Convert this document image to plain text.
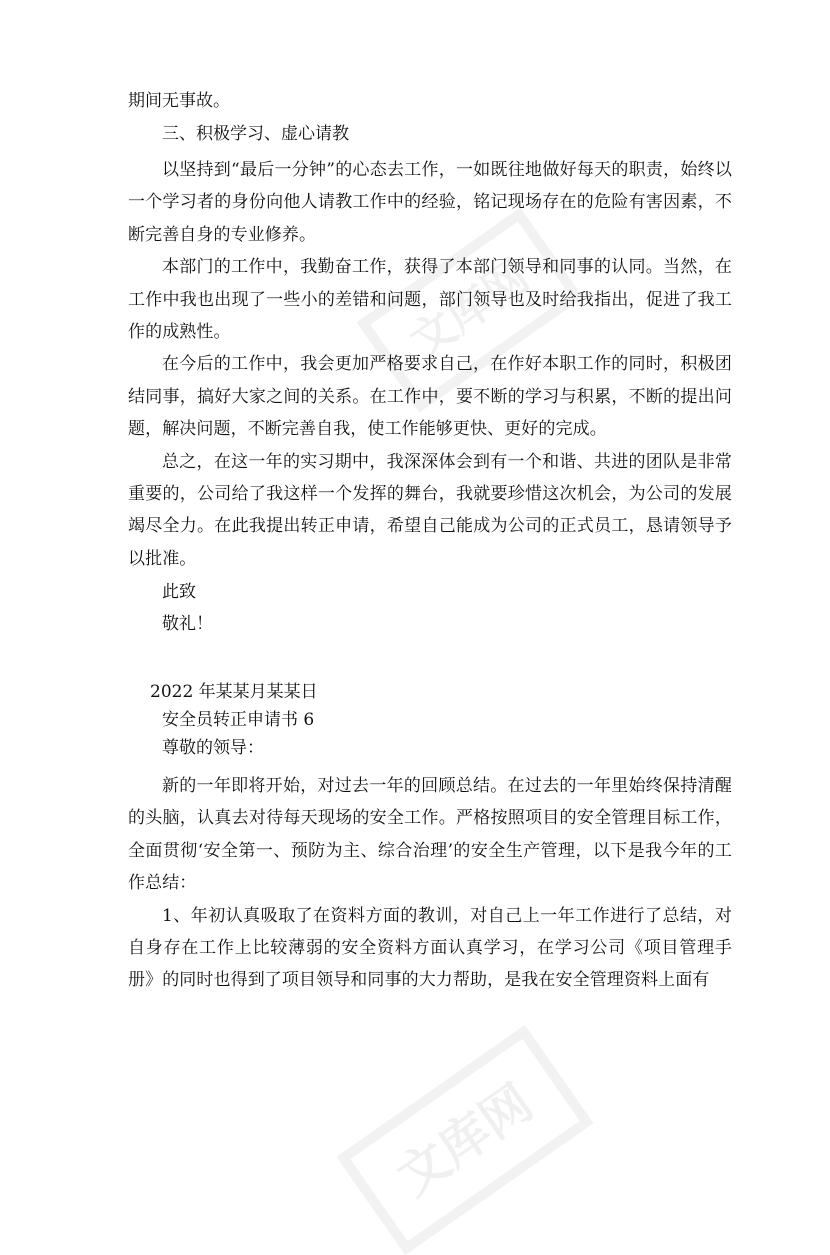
文库网
文库网

期间无事故。

三、积极学习、虚心请教

以坚持到“最后一分钟”的心态去工作，一如既往地做好每天的职责，始终以一个学习者的身份向他人请教工作中的经验，铭记现场存在的危险有害因素，不断完善自身的专业修养。

本部门的工作中，我勤奋工作，获得了本部门领导和同事的认同。当然，在工作中我也出现了一些小的差错和问题，部门领导也及时给我指出，促进了我工作的成熟性。

在今后的工作中，我会更加严格要求自己，在作好本职工作的同时，积极团结同事，搞好大家之间的关系。在工作中，要不断的学习与积累，不断的提出问题，解决问题，不断完善自我，使工作能够更快、更好的完成。

总之，在这一年的实习期中，我深深体会到有一个和谐、共进的团队是非常重要的，公司给了我这样一个发挥的舞台，我就要珍惜这次机会，为公司的发展竭尽全力。在此我提出转正申请，希望自己能成为公司的正式员工，恳请领导予以批准。

此致

敬礼！

2022 年某某月某某日

安全员转正申请书 6

尊敬的领导：

新的一年即将开始，对过去一年的回顾总结。在过去的一年里始终保持清醒的头脑，认真去对待每天现场的安全工作。严格按照项目的安全管理目标工作，全面贯彻‘安全第一、预防为主、综合治理’的安全生产管理，以下是我今年的工作总结：

1、年初认真吸取了在资料方面的教训，对自己上一年工作进行了总结，对自身存在工作上比较薄弱的安全资料方面认真学习，在学习公司《项目管理手册》的同时也得到了项目领导和同事的大力帮助，是我在安全管理资料上面有
